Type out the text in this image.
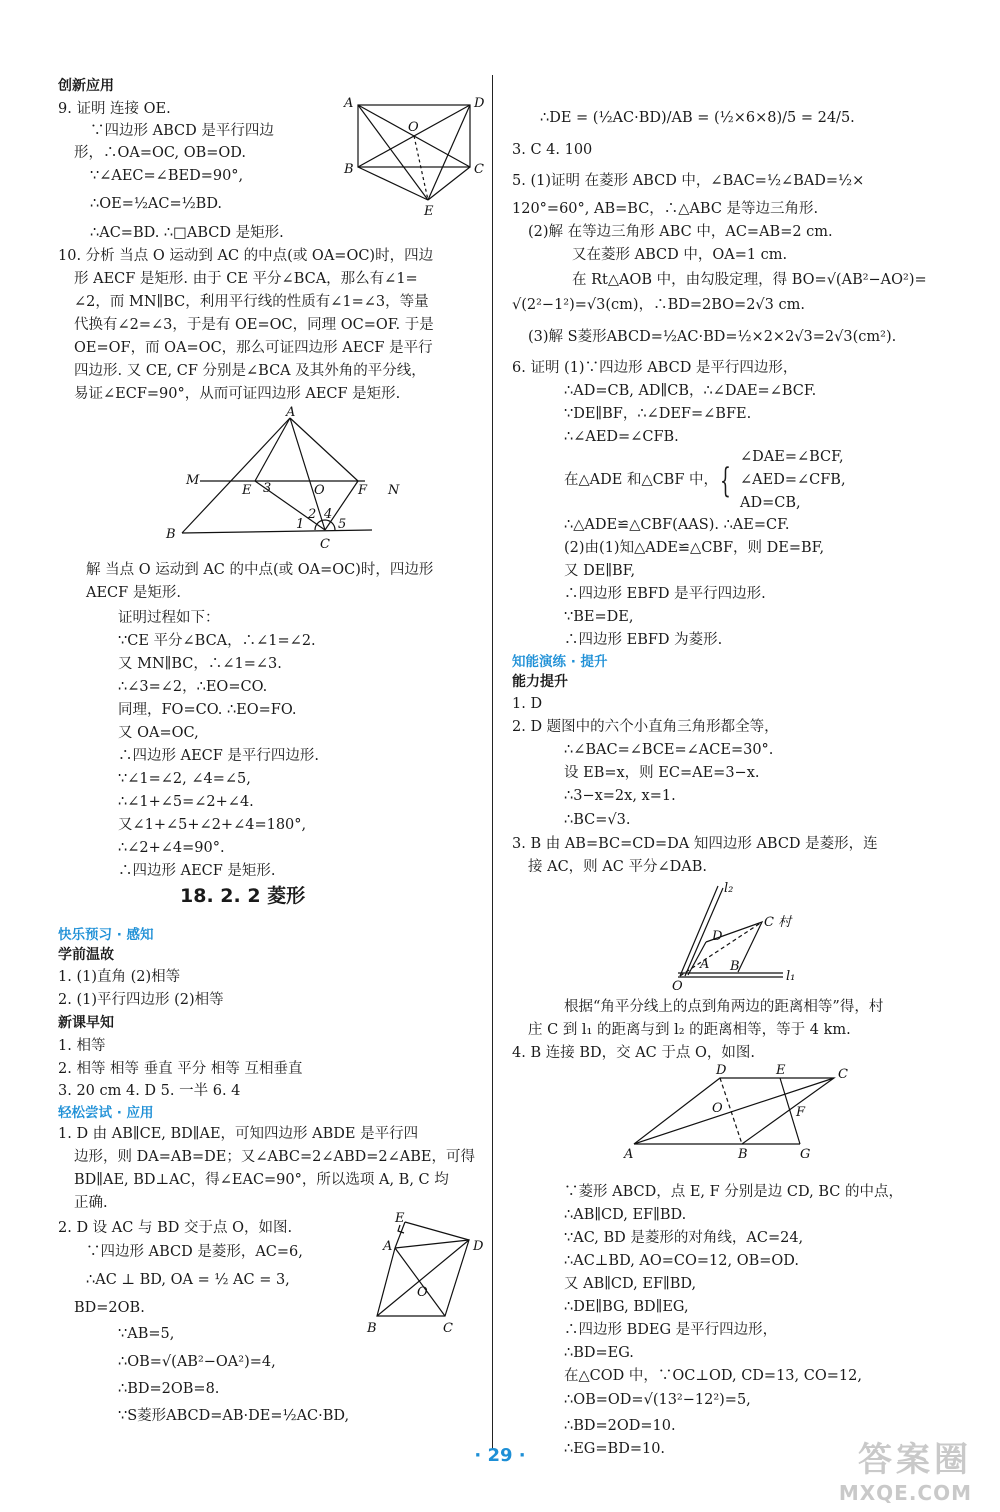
创新应用
9. 证明 连接 OE.
∵四边形 ABCD 是平行四边
形，∴OA=OC, OB=OD.
∵∠AEC=∠BED=90°,
∴OE=½AC=½BD.
∴AC=BD. ∴□ABCD 是矩形.
10. 分析 当点 O 运动到 AC 的中点(或 OA=OC)时，四边
形 AECF 是矩形. 由于 CE 平分∠BCA，那么有∠1=
∠2，而 MN∥BC，利用平行线的性质有∠1=∠3，等量
代换有∠2=∠3，于是有 OE=OC，同理 OC=OF. 于是
OE=OF，而 OA=OC，那么可证四边形 AECF 是平行
四边形. 又 CE, CF 分别是∠BCA 及其外角的平分线，
易证∠ECF=90°，从而可证四边形 AECF 是矩形.
解 当点 O 运动到 AC 的中点(或 OA=OC)时，四边形
AECF 是矩形.
证明过程如下：
∵CE 平分∠BCA，∴∠1=∠2.
又 MN∥BC，∴∠1=∠3.
∴∠3=∠2，∴EO=CO.
同理，FO=CO. ∴EO=FO.
又 OA=OC,
∴四边形 AECF 是平行四边形.
∵∠1=∠2, ∠4=∠5,
∴∠1+∠5=∠2+∠4.
又∠1+∠5+∠2+∠4=180°,
∴∠2+∠4=90°.
∴四边形 AECF 是矩形.
18. 2. 2 菱形
快乐预习 · 感知
学前温故
1. (1)直角 (2)相等
2. (1)平行四边形 (2)相等
新课早知
1. 相等
2. 相等 相等 垂直 平分 相等 互相垂直
3. 20 cm 4. D 5. 一半 6. 4
轻松尝试 · 应用
1. D 由 AB∥CE, BD∥AE，可知四边形 ABDE 是平行四
边形，则 DA=AB=DE；又∠ABC=2∠ABD=2∠ABE，可得
BD∥AE, BD⊥AC，得∠EAC=90°，所以选项 A, B, C 均
正确.
2. D 设 AC 与 BD 交于点 O，如图.
∵四边形 ABCD 是菱形，AC=6,
∴AC ⊥ BD, OA = ½ AC = 3,
BD=2OB.
∵AB=5,
∴OB=√(AB²−OA²)=4,
∴BD=2OB=8.
∵S菱形ABCD=AB·DE=½AC·BD,
∴DE = (½AC·BD)/AB = (½×6×8)/5 = 24/5.
3. C 4. 100
5. (1)证明 在菱形 ABCD 中，∠BAC=½∠BAD=½×
120°=60°, AB=BC，∴△ABC 是等边三角形.
(2)解 在等边三角形 ABC 中，AC=AB=2 cm.
又在菱形 ABCD 中，OA=1 cm.
在 Rt△AOB 中，由勾股定理，得 BO=√(AB²−AO²)=
√(2²−1²)=√3(cm)，∴BD=2BO=2√3 cm.
(3)解 S菱形ABCD=½AC·BD=½×2×2√3=2√3(cm²).
6. 证明 (1)∵四边形 ABCD 是平行四边形，
∴AD=CB, AD∥CB，∴∠DAE=∠BCF.
∵DE∥BF，∴∠DEF=∠BFE.
∴∠AED=∠CFB.
在△ADE 和△CBF 中， {
∠DAE=∠BCF,
∠AED=∠CFB,
AD=CB,
∴△ADE≌△CBF(AAS). ∴AE=CF.
(2)由(1)知△ADE≌△CBF，则 DE=BF,
又 DE∥BF,
∴四边形 EBFD 是平行四边形.
∵BE=DE,
∴四边形 EBFD 为菱形.
知能演练 · 提升
能力提升
1. D
2. D 题图中的六个小直角三角形都全等，
∴∠BAC=∠BCE=∠ACE=30°.
设 EB=x，则 EC=AE=3−x.
∴3−x=2x, x=1.
∴BC=√3.
3. B 由 AB=BC=CD=DA 知四边形 ABCD 是菱形，连
接 AC，则 AC 平分∠DAB.
根据“角平分线上的点到角两边的距离相等”得，村
庄 C 到 l₁ 的距离与到 l₂ 的距离相等，等于 4 km.
4. B 连接 BD，交 AC 于点 O，如图.
∵菱形 ABCD，点 E, F 分别是边 CD, BC 的中点，
∴AB∥CD, EF∥BD.
∵AC, BD 是菱形的对角线，AC=24,
∴AC⊥BD, AO=CO=12, OB=OD.
又 AB∥CD, EF∥BD,
∴DE∥BG, BD∥EG,
∴四边形 BDEG 是平行四边形，
∴BD=EG.
在△COD 中，∵OC⊥OD, CD=13, CO=12,
∴OB=OD=√(13²−12²)=5,
∴BD=2OD=10.
∴EG=BD=10.
A	D
O
B	C
E
M
A
E 3	O	F N
B
1
2 4
5
C
E
A	D
O
B	C
l₂
C 村
D
A B
O
l₁
D	E	C
O	F
A	B	G
· 29 ·	答案圈
MXQE.COM
